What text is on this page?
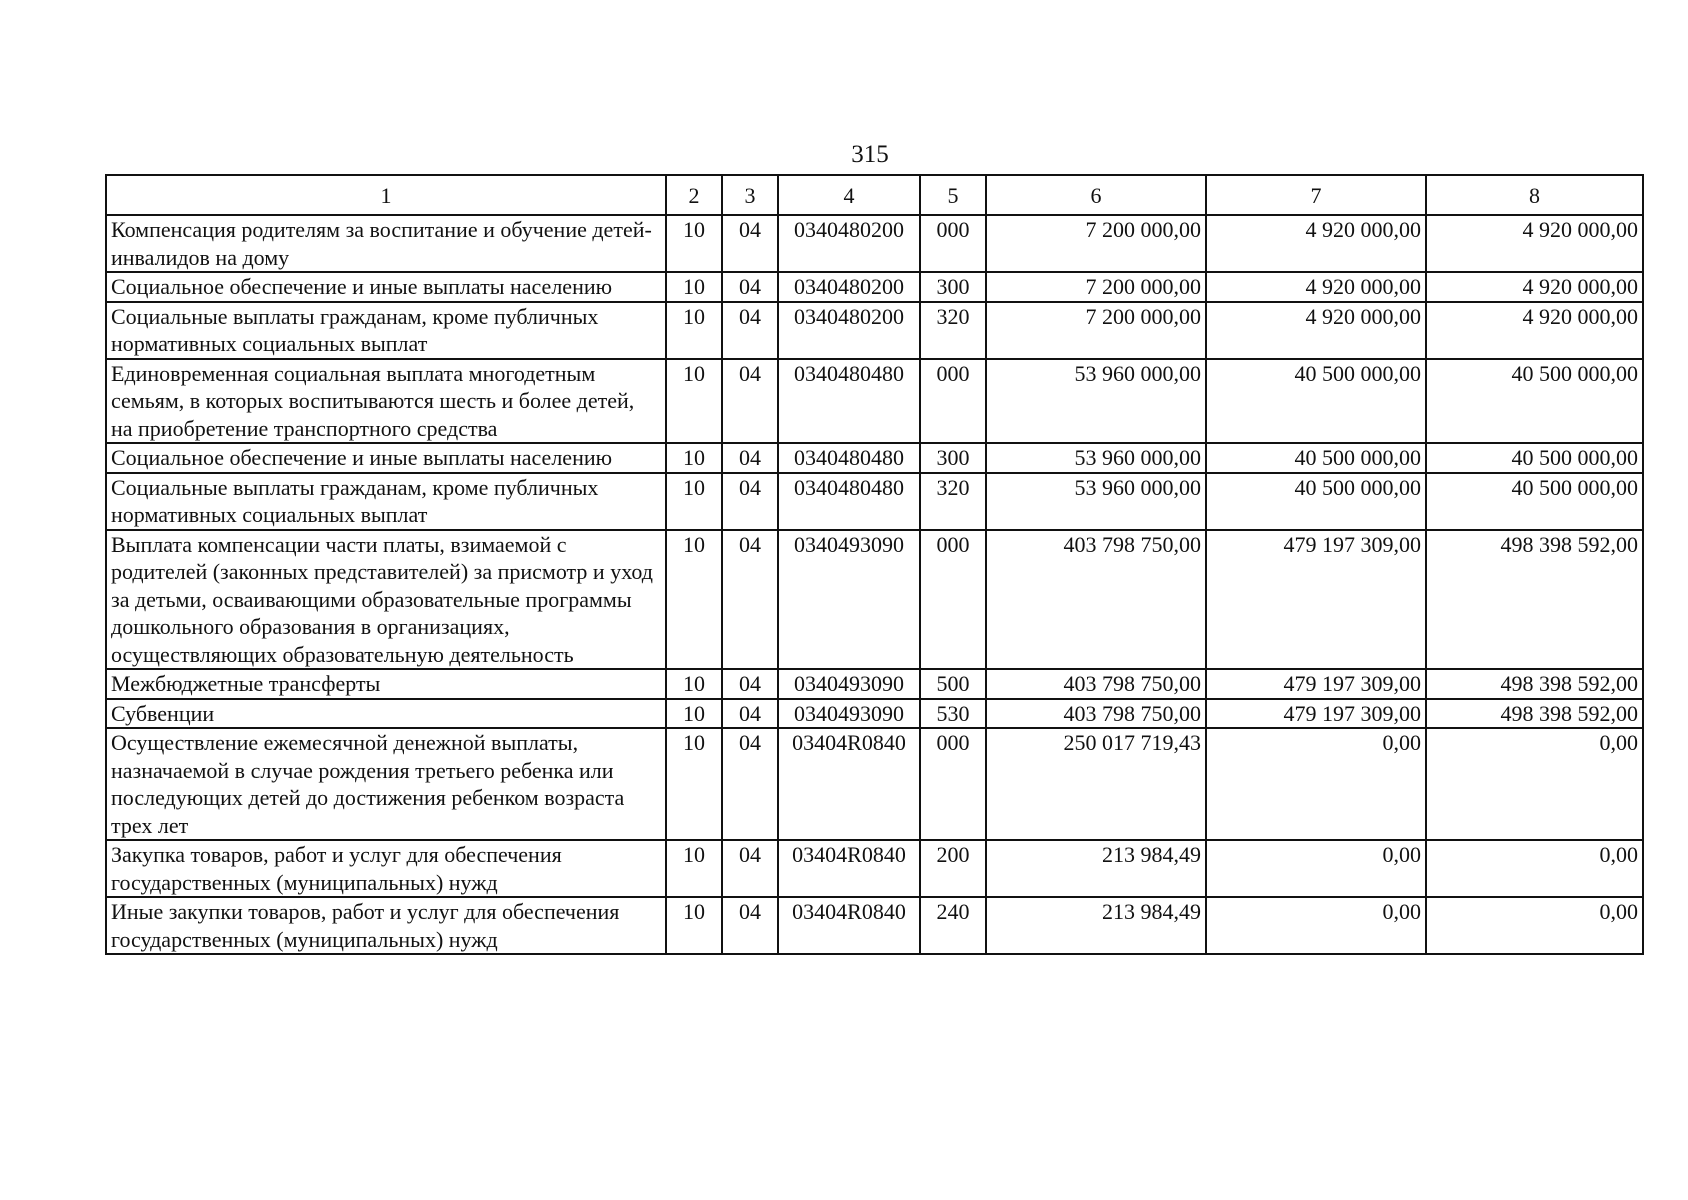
315
1	2	3	4	5	6	7	8
Компенсация родителям за воспитание и обучение детей-инвалидов на дому	10	04	0340480200	000	7 200 000,00	4 920 000,00	4 920 000,00
Социальное обеспечение и иные выплаты населению	10	04	0340480200	300	7 200 000,00	4 920 000,00	4 920 000,00
Социальные выплаты гражданам, кроме публичных нормативных социальных выплат	10	04	0340480200	320	7 200 000,00	4 920 000,00	4 920 000,00
Единовременная социальная выплата многодетным семьям, в которых воспитываются шесть и более детей, на приобретение транспортного средства	10	04	0340480480	000	53 960 000,00	40 500 000,00	40 500 000,00
Социальное обеспечение и иные выплаты населению	10	04	0340480480	300	53 960 000,00	40 500 000,00	40 500 000,00
Социальные выплаты гражданам, кроме публичных нормативных социальных выплат	10	04	0340480480	320	53 960 000,00	40 500 000,00	40 500 000,00
Выплата компенсации части платы, взимаемой с родителей (законных представителей) за присмотр и уход за детьми, осваивающими образовательные программы дошкольного образования в организациях, осуществляющих образовательную деятельность	10	04	0340493090	000	403 798 750,00	479 197 309,00	498 398 592,00
Межбюджетные трансферты	10	04	0340493090	500	403 798 750,00	479 197 309,00	498 398 592,00
Субвенции	10	04	0340493090	530	403 798 750,00	479 197 309,00	498 398 592,00
Осуществление ежемесячной денежной выплаты, назначаемой в случае рождения третьего ребенка или последующих детей до достижения ребенком возраста трех лет	10	04	03404R0840	000	250 017 719,43	0,00	0,00
Закупка товаров, работ и услуг для обеспечения государственных (муниципальных) нужд	10	04	03404R0840	200	213 984,49	0,00	0,00
Иные закупки товаров, работ и услуг для обеспечения государственных (муниципальных) нужд	10	04	03404R0840	240	213 984,49	0,00	0,00
